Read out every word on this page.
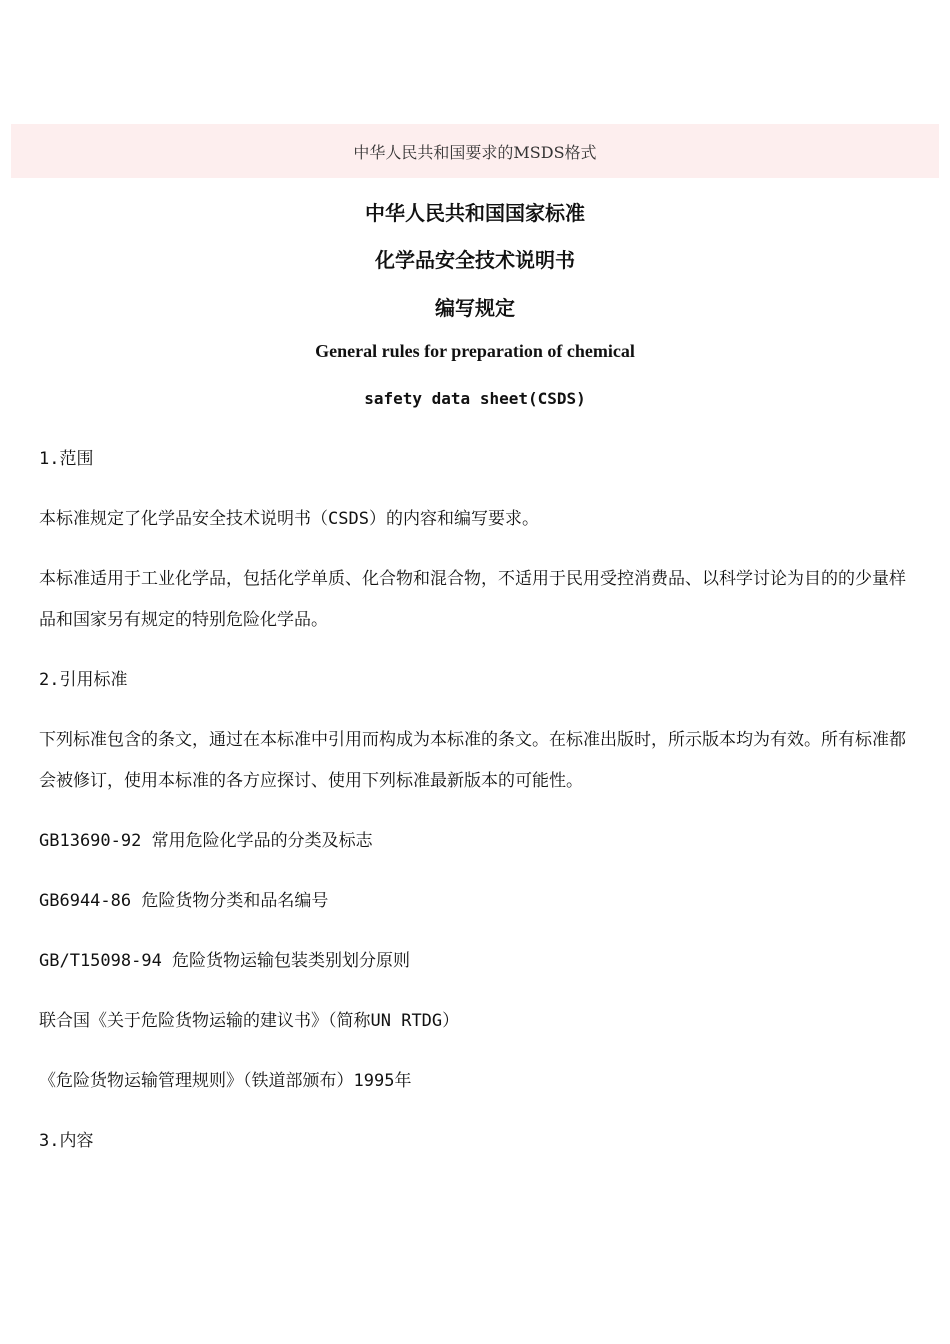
中华人民共和国要求的MSDS格式
中华人民共和国国家标准
化学品安全技术说明书
编写规定
General rules for preparation of chemical
safety data sheet(CSDS)
1.范围
本标准规定了化学品安全技术说明书（CSDS）的内容和编写要求。
本标准适用于工业化学品，包括化学单质、化合物和混合物，不适用于民用受控消费品、以科学讨论为目的的少量样品和国家另有规定的特别危险化学品。
2.引用标准
下列标准包含的条文，通过在本标准中引用而构成为本标准的条文。在标准出版时，所示版本均为有效。所有标准都会被修订，使用本标准的各方应探讨、使用下列标准最新版本的可能性。
GB13690-92 常用危险化学品的分类及标志
GB6944-86 危险货物分类和品名编号
GB/T15098-94 危险货物运输包装类别划分原则
联合国《关于危险货物运输的建议书》（简称UN RTDG）
《危险货物运输管理规则》（铁道部颁布）1995年
3.内容
